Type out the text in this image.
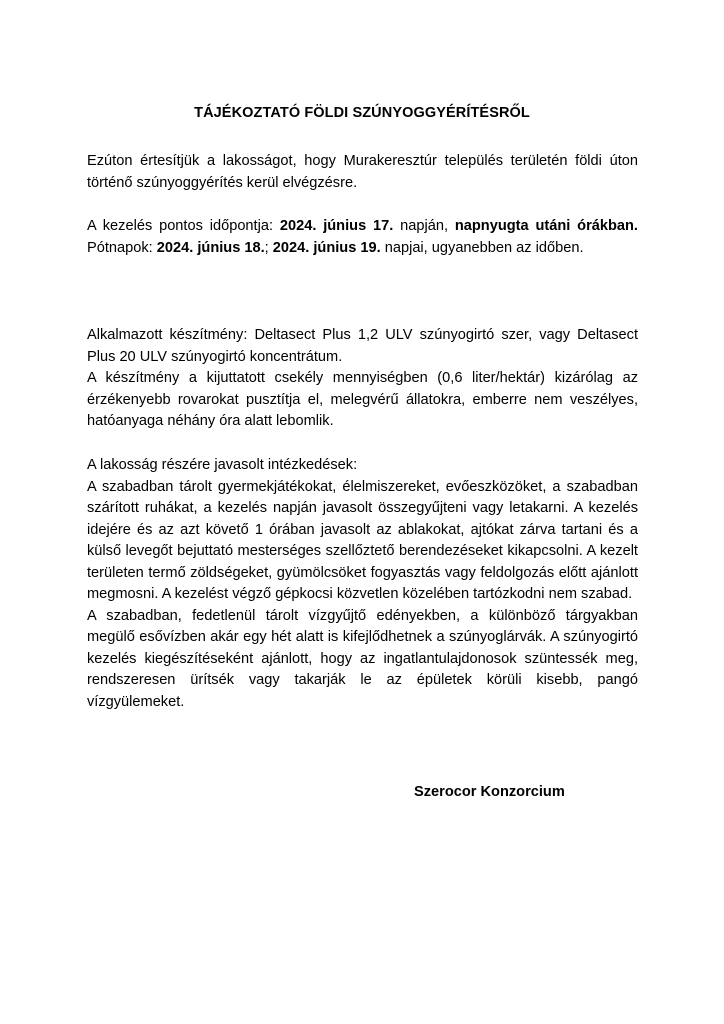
TÁJÉKOZTATÓ FÖLDI SZÚNYOGGYÉRÍTÉSRŐL

Ezúton értesítjük a lakosságot, hogy Murakeresztúr település területén földi úton történő szúnyoggyérítés kerül elvégzésre.

A kezelés pontos időpontja: 2024. június 17. napján, napnyugta utáni órákban. Pótnapok: 2024. június 18.; 2024. június 19. napjai, ugyanebben az időben.

Alkalmazott készítmény: Deltasect Plus 1,2 ULV szúnyogirtó szer, vagy Deltasect Plus 20 ULV szúnyogirtó koncentrátum.
A készítmény a kijuttatott csekély mennyiségben (0,6 liter/hektár) kizárólag az érzékenyebb rovarokat pusztítja el, melegvérű állatokra, emberre nem veszélyes, hatóanyaga néhány óra alatt lebomlik.
A lakosság részére javasolt intézkedések:
A szabadban tárolt gyermekjátékokat, élelmiszereket, evőeszközöket, a szabadban szárított ruhákat, a kezelés napján javasolt összegyűjteni vagy letakarni. A kezelés idejére és az azt követő 1 órában javasolt az ablakokat, ajtókat zárva tartani és a külső levegőt bejuttató mesterséges szellőztető berendezéseket kikapcsolni. A kezelt területen termő zöldségeket, gyümölcsöket fogyasztás vagy feldolgozás előtt ajánlott megmosni. A kezelést végző gépkocsi közvetlen közelében tartózkodni nem szabad.
A szabadban, fedetlenül tárolt vízgyűjtő edényekben, a különböző tárgyakban megülő esővízben akár egy hét alatt is kifejlődhetnek a szúnyoglárvák. A szúnyogirtó kezelés kiegészítéseként ajánlott, hogy az ingatlantulajdonosok szüntessék meg, rendszeresen ürítsék vagy takarják le az épületek körüli kisebb, pangó vízgyülemeket.
Szerocor Konzorcium
